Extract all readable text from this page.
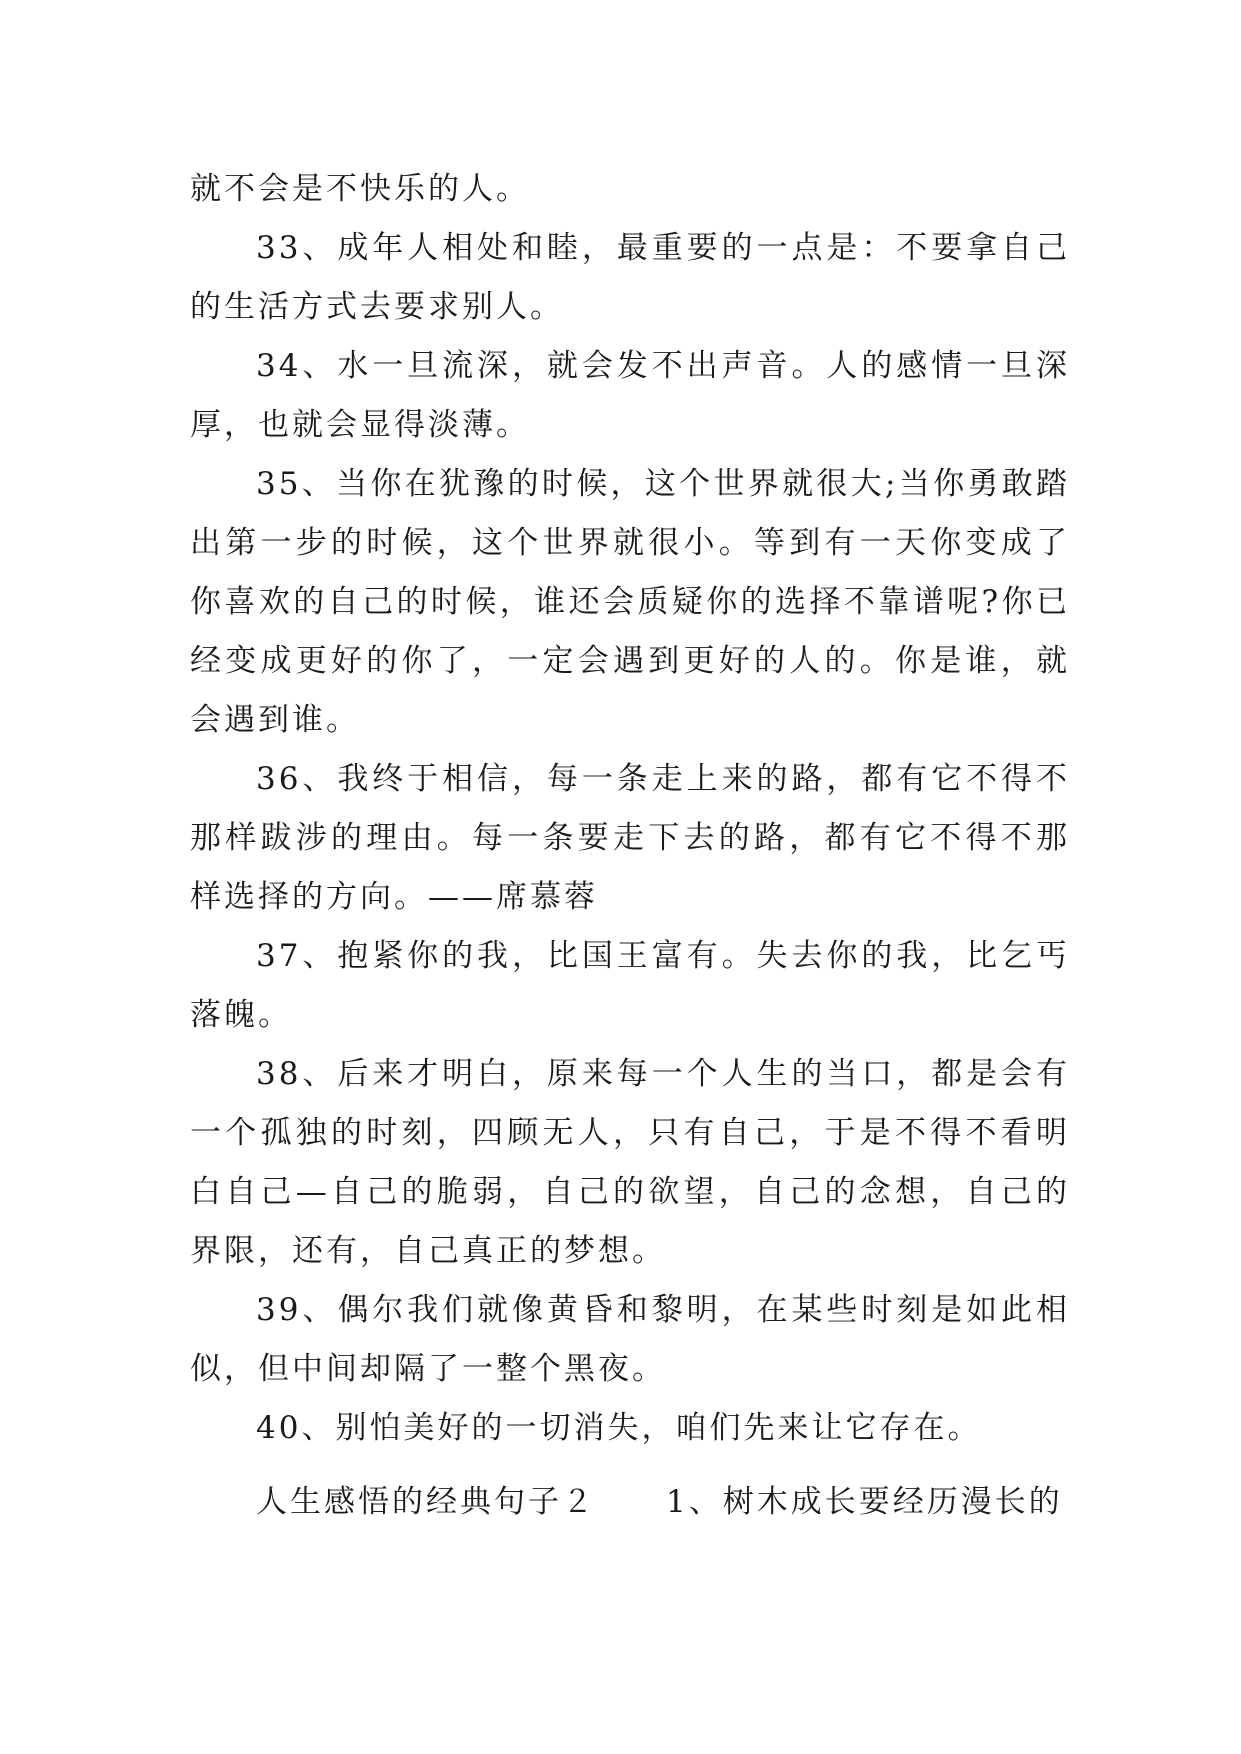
就不会是不快乐的人。

33、成年人相处和睦，最重要的一点是：不要拿自己的生活方式去要求别人。

34、水一旦流深，就会发不出声音。人的感情一旦深厚，也就会显得淡薄。

35、当你在犹豫的时候，这个世界就很大;当你勇敢踏出第一步的时候，这个世界就很小。等到有一天你变成了你喜欢的自己的时候，谁还会质疑你的选择不靠谱呢?你已经变成更好的你了，一定会遇到更好的人的。你是谁，就会遇到谁。

36、我终于相信，每一条走上来的路，都有它不得不那样跋涉的理由。每一条要走下去的路，都有它不得不那样选择的方向。——席慕蓉

37、抱紧你的我，比国王富有。失去你的我，比乞丐落魄。

38、后来才明白，原来每一个人生的当口，都是会有一个孤独的时刻，四顾无人，只有自己，于是不得不看明白自己—自己的脆弱，自己的欲望，自己的念想，自己的界限，还有，自己真正的梦想。

39、偶尔我们就像黄昏和黎明，在某些时刻是如此相似，但中间却隔了一整个黑夜。

40、别怕美好的一切消失，咱们先来让它存在。

人生感悟的经典句子２ 1、树木成长要经历漫长的
